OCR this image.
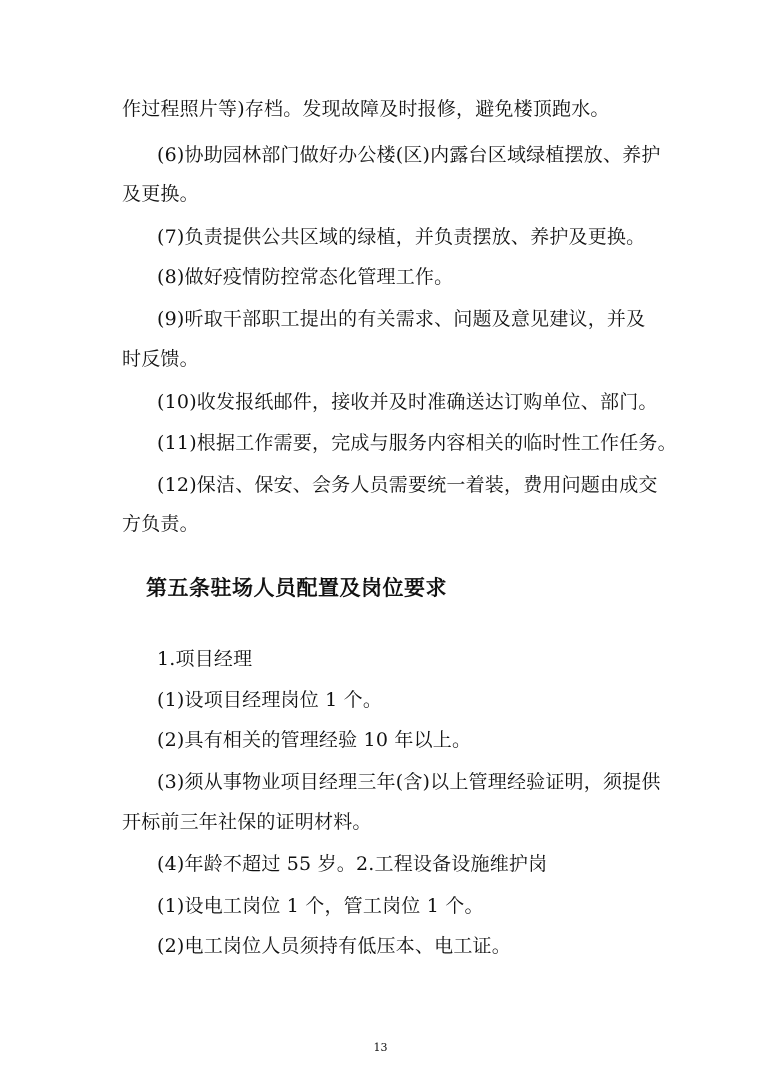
作过程照片等)存档。发现故障及时报修，避免楼顶跑水。
(6)协助园林部门做好办公楼(区)内露台区域绿植摆放、养护
及更换。
(7)负责提供公共区域的绿植，并负责摆放、养护及更换。
(8)做好疫情防控常态化管理工作。
(9)听取干部职工提出的有关需求、问题及意见建议，并及
时反馈。
(10)收发报纸邮件，接收并及时准确送达订购单位、部门。
(11)根据工作需要，完成与服务内容相关的临时性工作任务。
(12)保洁、保安、会务人员需要统一着装，费用问题由成交
方负责。
第五条驻场人员配置及岗位要求
1.项目经理
(1)设项目经理岗位 1 个。
(2)具有相关的管理经验 10 年以上。
(3)须从事物业项目经理三年(含)以上管理经验证明，须提供
开标前三年社保的证明材料。
(4)年龄不超过 55 岁。2.工程设备设施维护岗
(1)设电工岗位 1 个，管工岗位 1 个。
(2)电工岗位人员须持有低压本、电工证。
13
